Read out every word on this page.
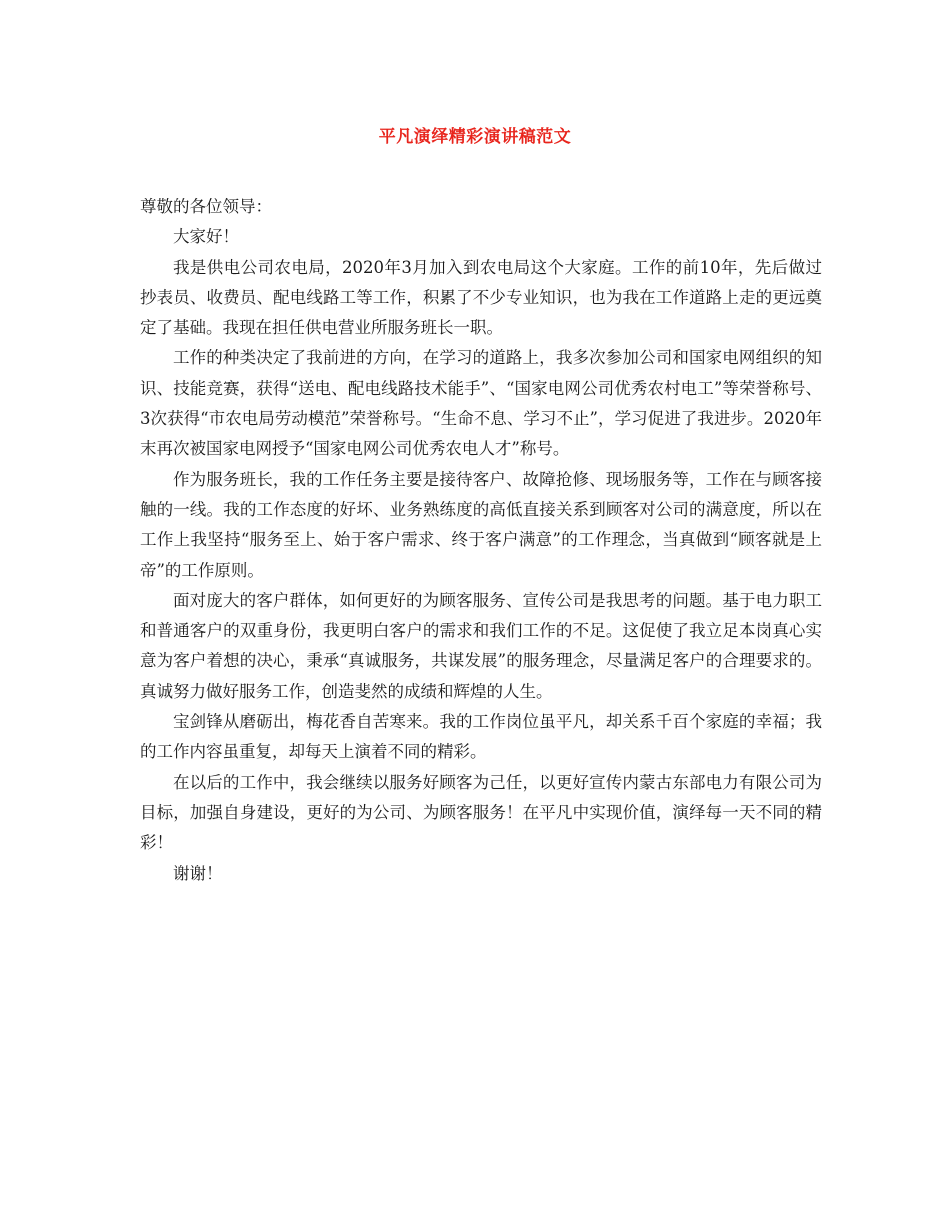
平凡演绎精彩演讲稿范文

尊敬的各位领导：

大家好！

我是供电公司农电局，2020年3月加入到农电局这个大家庭。工作的前10年，先后做过抄表员、收费员、配电线路工等工作，积累了不少专业知识，也为我在工作道路上走的更远奠定了基础。我现在担任供电营业所服务班长一职。

工作的种类决定了我前进的方向，在学习的道路上，我多次参加公司和国家电网组织的知识、技能竞赛，获得“送电、配电线路技术能手”、“国家电网公司优秀农村电工”等荣誉称号、3次获得“市农电局劳动模范”荣誉称号。“生命不息、学习不止”，学习促进了我进步。2020年末再次被国家电网授予“国家电网公司优秀农电人才”称号。

作为服务班长，我的工作任务主要是接待客户、故障抢修、现场服务等，工作在与顾客接触的一线。我的工作态度的好坏、业务熟练度的高低直接关系到顾客对公司的满意度，所以在工作上我坚持“服务至上、始于客户需求、终于客户满意”的工作理念，当真做到“顾客就是上帝”的工作原则。

面对庞大的客户群体，如何更好的为顾客服务、宣传公司是我思考的问题。基于电力职工和普通客户的双重身份，我更明白客户的需求和我们工作的不足。这促使了我立足本岗真心实意为客户着想的决心，秉承“真诚服务，共谋发展”的服务理念，尽量满足客户的合理要求的。真诚努力做好服务工作，创造斐然的成绩和辉煌的人生。

宝剑锋从磨砺出，梅花香自苦寒来。我的工作岗位虽平凡，却关系千百个家庭的幸福；我的工作内容虽重复，却每天上演着不同的精彩。

在以后的工作中，我会继续以服务好顾客为己任，以更好宣传内蒙古东部电力有限公司为目标，加强自身建设，更好的为公司、为顾客服务！在平凡中实现价值，演绎每一天不同的精彩！

谢谢！
